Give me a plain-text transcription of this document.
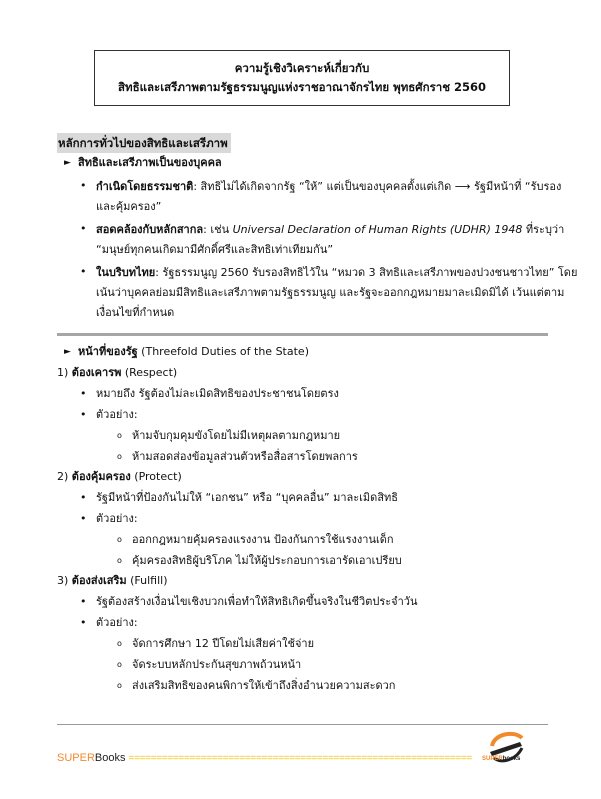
ความรู้เชิงวิเคราะห์เกี่ยวกับ
สิทธิและเสรีภาพตามรัฐธรรมนูญแห่งราชอาณาจักรไทย พุทธศักราช 2560
หลักการทั่วไปของสิทธิและเสรีภาพ
► สิทธิและเสรีภาพเป็นของบุคคล
• กำเนิดโดยธรรมชาติ: สิทธิไม่ได้เกิดจากรัฐ “ให้” แต่เป็นของบุคคลตั้งแต่เกิด ⟶ รัฐมีหน้าที่ “รับรอง
และคุ้มครอง”
• สอดคล้องกับหลักสากล: เช่น Universal Declaration of Human Rights (UDHR) 1948 ที่ระบุว่า
“มนุษย์ทุกคนเกิดมามีศักดิ์ศรีและสิทธิเท่าเทียมกัน”
• ในบริบทไทย: รัฐธรรมนูญ 2560 รับรองสิทธิไว้ใน “หมวด 3 สิทธิและเสรีภาพของปวงชนชาวไทย” โดย
เน้นว่าบุคคลย่อมมีสิทธิและเสรีภาพตามรัฐธรรมนูญ และรัฐจะออกกฎหมายมาละเมิดมิได้ เว้นแต่ตาม
เงื่อนไขที่กำหนด
► หน้าที่ของรัฐ (Threefold Duties of the State)
1) ต้องเคารพ (Respect)
• หมายถึง รัฐต้องไม่ละเมิดสิทธิของประชาชนโดยตรง
• ตัวอย่าง:
o ห้ามจับกุมคุมขังโดยไม่มีเหตุผลตามกฎหมาย
o ห้ามสอดส่องข้อมูลส่วนตัวหรือสื่อสารโดยพลการ
2) ต้องคุ้มครอง (Protect)
• รัฐมีหน้าที่ป้องกันไม่ให้ “เอกชน” หรือ “บุคคลอื่น” มาละเมิดสิทธิ
• ตัวอย่าง:
o ออกกฎหมายคุ้มครองแรงงาน ป้องกันการใช้แรงงานเด็ก
o คุ้มครองสิทธิผู้บริโภค ไม่ให้ผู้ประกอบการเอารัดเอาเปรียบ
3) ต้องส่งเสริม (Fulfill)
• รัฐต้องสร้างเงื่อนไขเชิงบวกเพื่อทำให้สิทธิเกิดขึ้นจริงในชีวิตประจำวัน
• ตัวอย่าง:
o จัดการศึกษา 12 ปีโดยไม่เสียค่าใช้จ่าย
o จัดระบบหลักประกันสุขภาพถ้วนหน้า
o ส่งเสริมสิทธิของคนพิการให้เข้าถึงสิ่งอำนวยความสะดวก
SUPERBooks ============================================================== SUPERbooks
